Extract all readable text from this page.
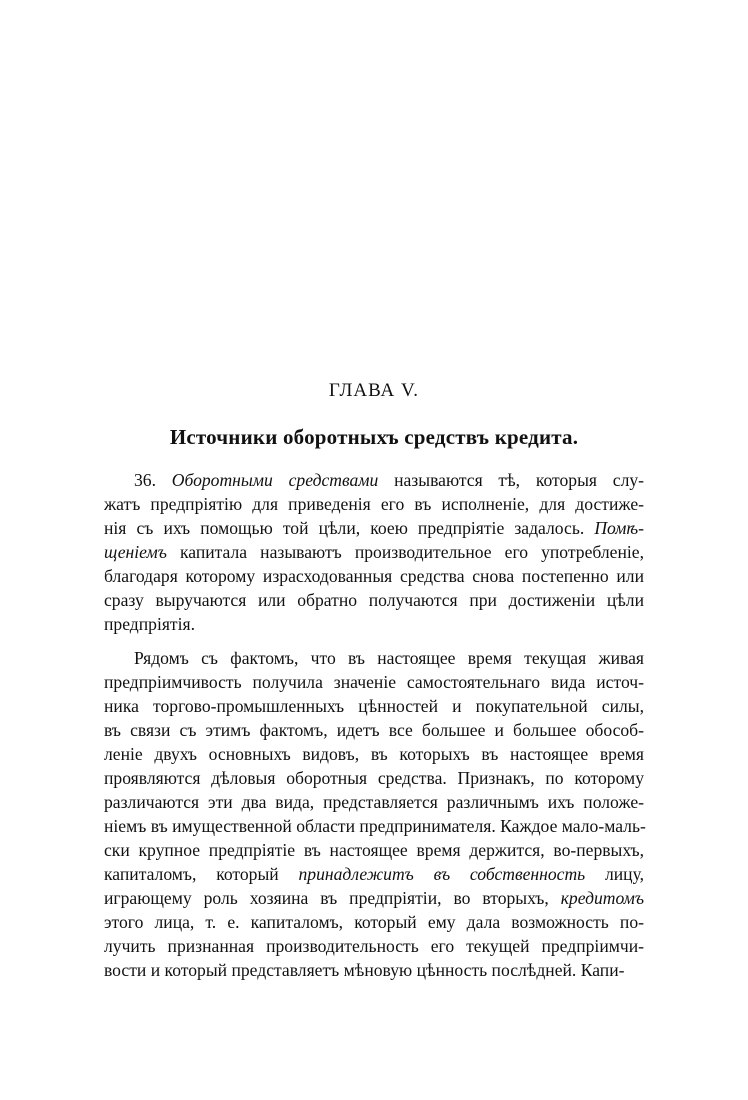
ГЛАВА V.
Источники оборотныхъ средствъ кредита.
36. Оборотными средствами называются тѣ, которыя слу-
жатъ предпріятію для приведенія его въ исполненіе, для достиже-
нія съ ихъ помощью той цѣли, коею предпріятіе задалось. Помѣ-
щеніемъ капитала называютъ производительное его употребленіе,
благодаря которому израсходованныя средства снова постепенно или
сразу выручаются или обратно получаются при достиженіи цѣли
предпріятія.
Рядомъ съ фактомъ, что въ настоящее время текущая живая
предпріимчивость получила значеніе самостоятельнаго вида источ-
ника торгово-промышленныхъ цѣнностей и покупательной силы,
въ связи съ этимъ фактомъ, идетъ все большее и большее обособ-
леніе двухъ основныхъ видовъ, въ которыхъ въ настоящее время
проявляются дѣловыя оборотныя средства. Признакъ, по которому
различаются эти два вида, представляется различнымъ ихъ положе-
ніемъ въ имущественной области предпринимателя. Каждое мало-маль-
ски крупное предпріятіе въ настоящее время держится, во-первыхъ,
капиталомъ, который принадлежитъ въ собственность лицу,
играющему роль хозяина въ предпріятіи, во вторыхъ, кредитомъ
этого лица, т. е. капиталомъ, который ему дала возможность по-
лучить признанная производительность его текущей предпріимчи-
вости и который представляетъ мѣновую цѣнность послѣдней. Капи-
